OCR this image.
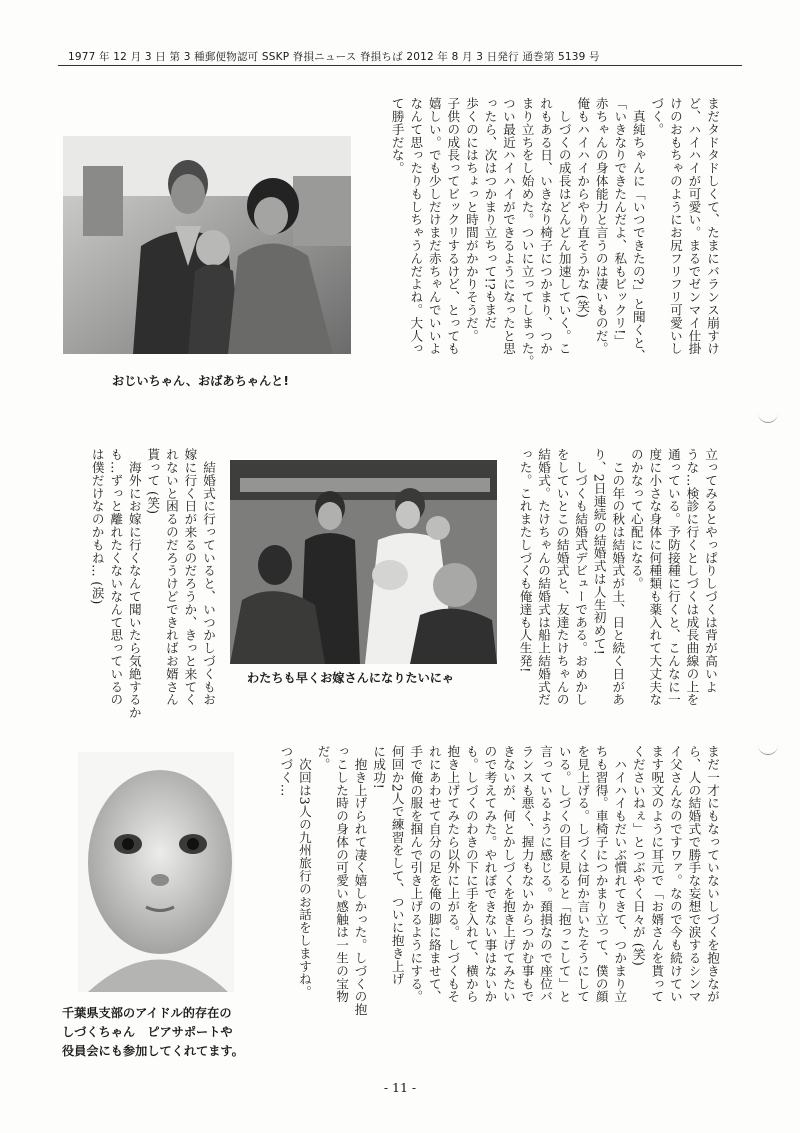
1977 年 12 月 3 日 第 3 種郵便物認可 SSKP 脊損ニュース 脊損ちば 2012 年 8 月 3 日発行 通巻第 5139 号
おじいちゃん、おばあちゃんと!
まだタドタドしくて、たまにバランス崩すけ
ど、ハイハイが可愛い。まるでゼンマイ仕掛
けのおもちゃのようにお尻フリフリ可愛いし
づく。
　真純ちゃんに「いつできたの?」と聞くと、
「いきなりできたんだよ、私もビックリ!」
赤ちゃんの身体能力と言うのは凄いものだ。
俺もハイハイからやり直そうかな (笑)
　しづくの成長はどんどん加速していく。こ
れもある日、いきなり椅子につかまり、つか
まり立ちをし始めた。ついに立ってしまった。
つい最近ハイハイができるようになったと思
ったら、次はつかまり立ちって!?もまだ
歩くのにはちょっと時間がかかりそうだ。
子供の成長ってビックリするけど、とっても
嬉しい。でも少しだけまだ赤ちゃんでいいよ
なんて思ったりもしちゃうんだよね。大人っ
て勝手だな。
立ってみるとやっぱりしづくは背が高いよ
うな…検診に行くとしづくは成長曲線の上を
通っている。予防接種に行くと、こんなに一
度に小さな身体に何種類も薬入れて大丈夫な
のかなって心配になる。
　この年の秋は結婚式が土、日と続く日があ
り、2日連続の結婚式は人生初めて!
　しづくも結婚式デビューである。おめかし
をしていとこの結婚式と、友達たけちゃんの
結婚式。たけちゃんの結婚式は船上結婚式だ
った。これまたしづくも俺達も人生発!
　結婚式に行っていると、いつかしづくもお
嫁に行く日が来るのだろうか、きっと来てく
れないと困るのだろうけどできればお婿さん
貰って (笑)
　海外にお嫁に行くなんて聞いたら気絶するか
も…ずっと離れたくないなんて思っているの
は僕だけなのかもね… (涙)
わたちも早くお嫁さんになりたいにゃ
千葉県支部のアイドル的存在の
しづくちゃん　ピアサポートや
役員会にも参加してくれてます。
まだ一才にもなっていないしづくを抱きなが
ら、人の結婚式で勝手な妄想で涙するシンマ
イ父さんなのですワァ。なので今も続けてい
ます呪文のように耳元で「お婿さんを貰って
くださいねぇ」とつぶやく日々が (笑)
　ハイハイもだいぶ慣れてきて、つかまり立
ちも習得。車椅子につかまり立って、僕の顔
を見上げる。しづくは何か言いたそうにして
いる。しづくの目を見ると「抱っこして」と
言っているように感じる。頚損なので座位バ
ランスも悪く、握力もないからつかむ事もで
きないが、何とかしづくを抱き上げてみたい
ので考えてみた。やれぼできない事はないか
も。しづくのわきの下に手を入れて、横から
抱き上げてみたら以外に上がる。しづくもそ
れにあわせて自分の足を俺の脚に絡ませて、
手で俺の服を掴んで引き上げるようにする。
何回か2人で練習をして、ついに抱き上げ
に成功!
　抱き上げられて凄く嬉しかった。しづくの抱
っこした時の身体の可愛い感触は一生の宝物
だ。
　次回は3人の九州旅行のお話をしますね。
つづく…
- 11 -
